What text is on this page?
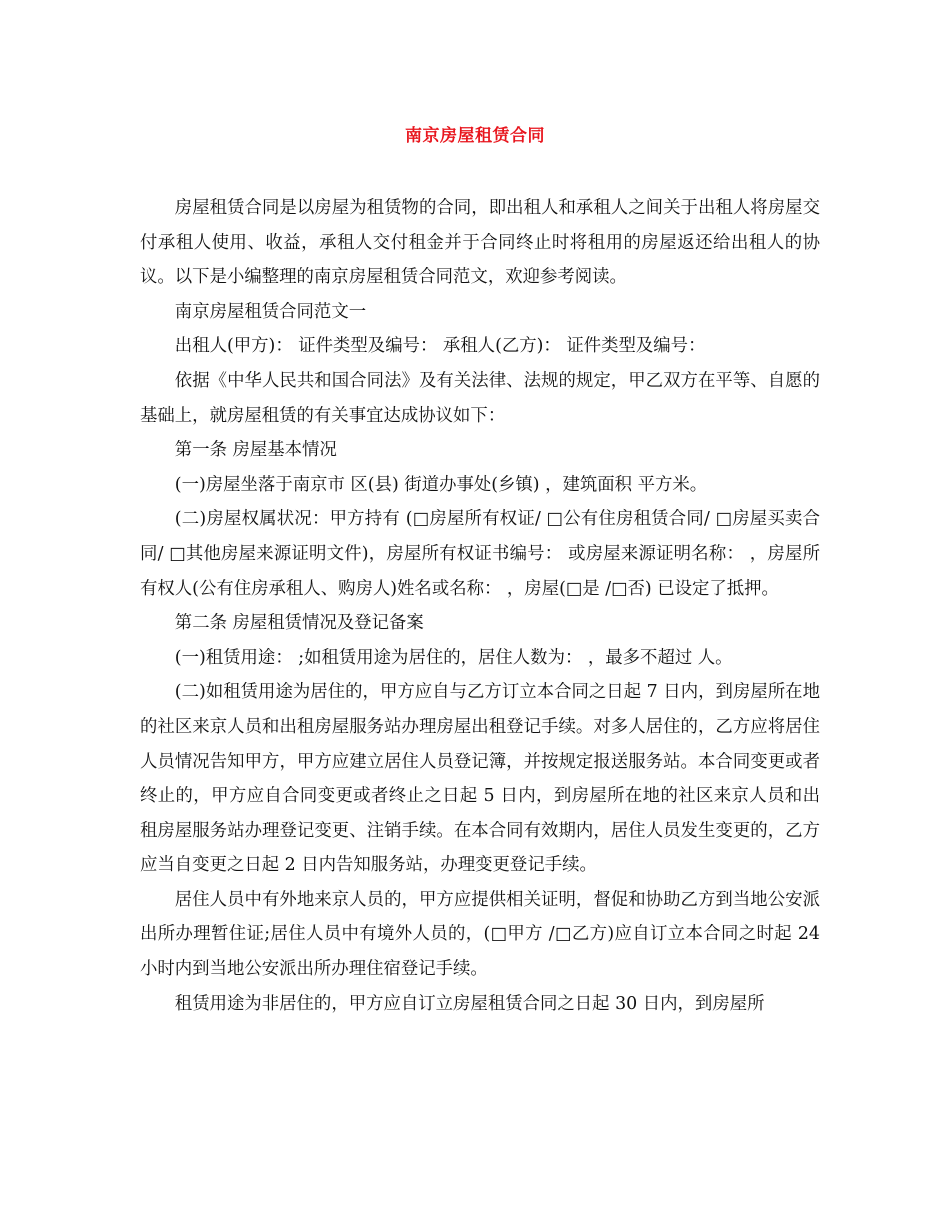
南京房屋租赁合同

房屋租赁合同是以房屋为租赁物的合同，即出租人和承租人之间关于出租人将房屋交付承租人使用、收益，承租人交付租金并于合同终止时将租用的房屋返还给出租人的协议。以下是小编整理的南京房屋租赁合同范文，欢迎参考阅读。

南京房屋租赁合同范文一

出租人(甲方)： 证件类型及编号： 承租人(乙方)： 证件类型及编号：

依据《中华人民共和国合同法》及有关法律、法规的规定，甲乙双方在平等、自愿的基础上，就房屋租赁的有关事宜达成协议如下：

第一条 房屋基本情况

(一)房屋坐落于南京市 区(县) 街道办事处(乡镇) ，建筑面积 平方米。

(二)房屋权属状况：甲方持有 (□房屋所有权证/ □公有住房租赁合同/ □房屋买卖合同/ □其他房屋来源证明文件)，房屋所有权证书编号： 或房屋来源证明名称： ，房屋所有权人(公有住房承租人、购房人)姓名或名称： ，房屋(□是 /□否) 已设定了抵押。

第二条 房屋租赁情况及登记备案

(一)租赁用途： ;如租赁用途为居住的，居住人数为： ，最多不超过 人。

(二)如租赁用途为居住的，甲方应自与乙方订立本合同之日起 7 日内，到房屋所在地的社区来京人员和出租房屋服务站办理房屋出租登记手续。对多人居住的，乙方应将居住人员情况告知甲方，甲方应建立居住人员登记簿，并按规定报送服务站。本合同变更或者终止的，甲方应自合同变更或者终止之日起 5 日内，到房屋所在地的社区来京人员和出租房屋服务站办理登记变更、注销手续。在本合同有效期内，居住人员发生变更的，乙方应当自变更之日起 2 日内告知服务站，办理变更登记手续。

居住人员中有外地来京人员的，甲方应提供相关证明，督促和协助乙方到当地公安派出所办理暂住证;居住人员中有境外人员的，(□甲方 /□乙方)应自订立本合同之时起 24 小时内到当地公安派出所办理住宿登记手续。

租赁用途为非居住的，甲方应自订立房屋租赁合同之日起 30 日内，到房屋所
